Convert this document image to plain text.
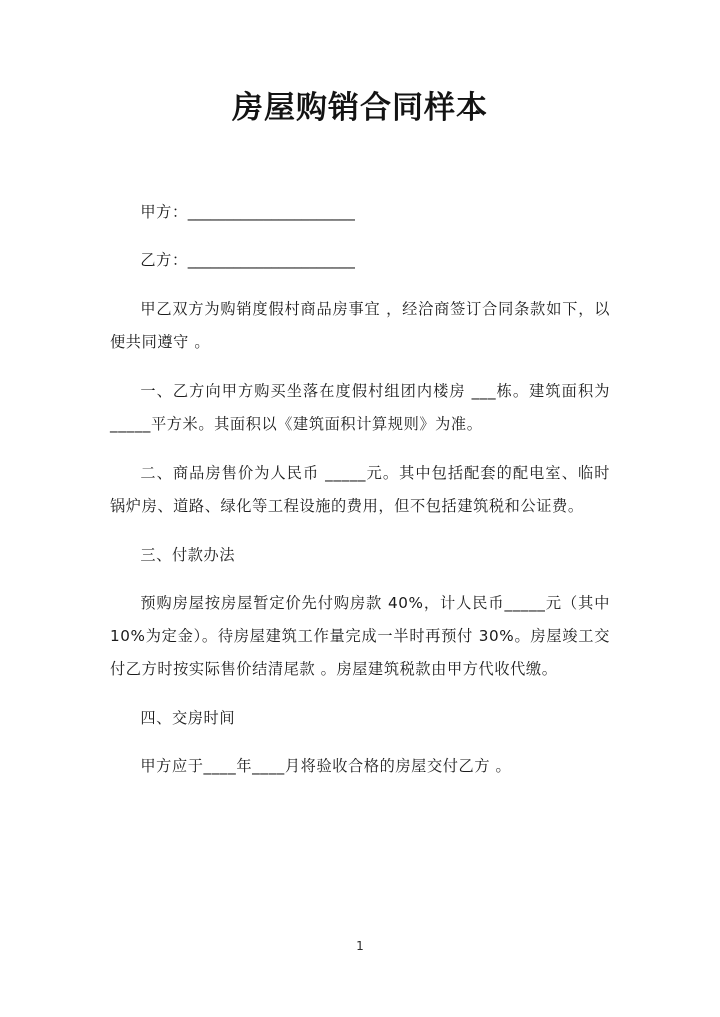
房屋购销合同样本

甲方：______________________

乙方：______________________

甲乙双方为购销度假村商品房事宜 ，经洽商签订合同条款如下，以便共同遵守 。

一、乙方向甲方购买坐落在度假村组团内楼房 ___栋。建筑面积为_____平方米。其面积以《建筑面积计算规则》为准。

二、商品房售价为人民币 _____元。其中包括配套的配电室、临时锅炉房、道路、绿化等工程设施的费用，但不包括建筑税和公证费。

三、付款办法

预购房屋按房屋暂定价先付购房款 40%，计人民币_____元（其中 10%为定金）。待房屋建筑工作量完成一半时再预付 30%。房屋竣工交付乙方时按实际售价结清尾款 。房屋建筑税款由甲方代收代缴。

四、交房时间

甲方应于____年____月将验收合格的房屋交付乙方 。

1
